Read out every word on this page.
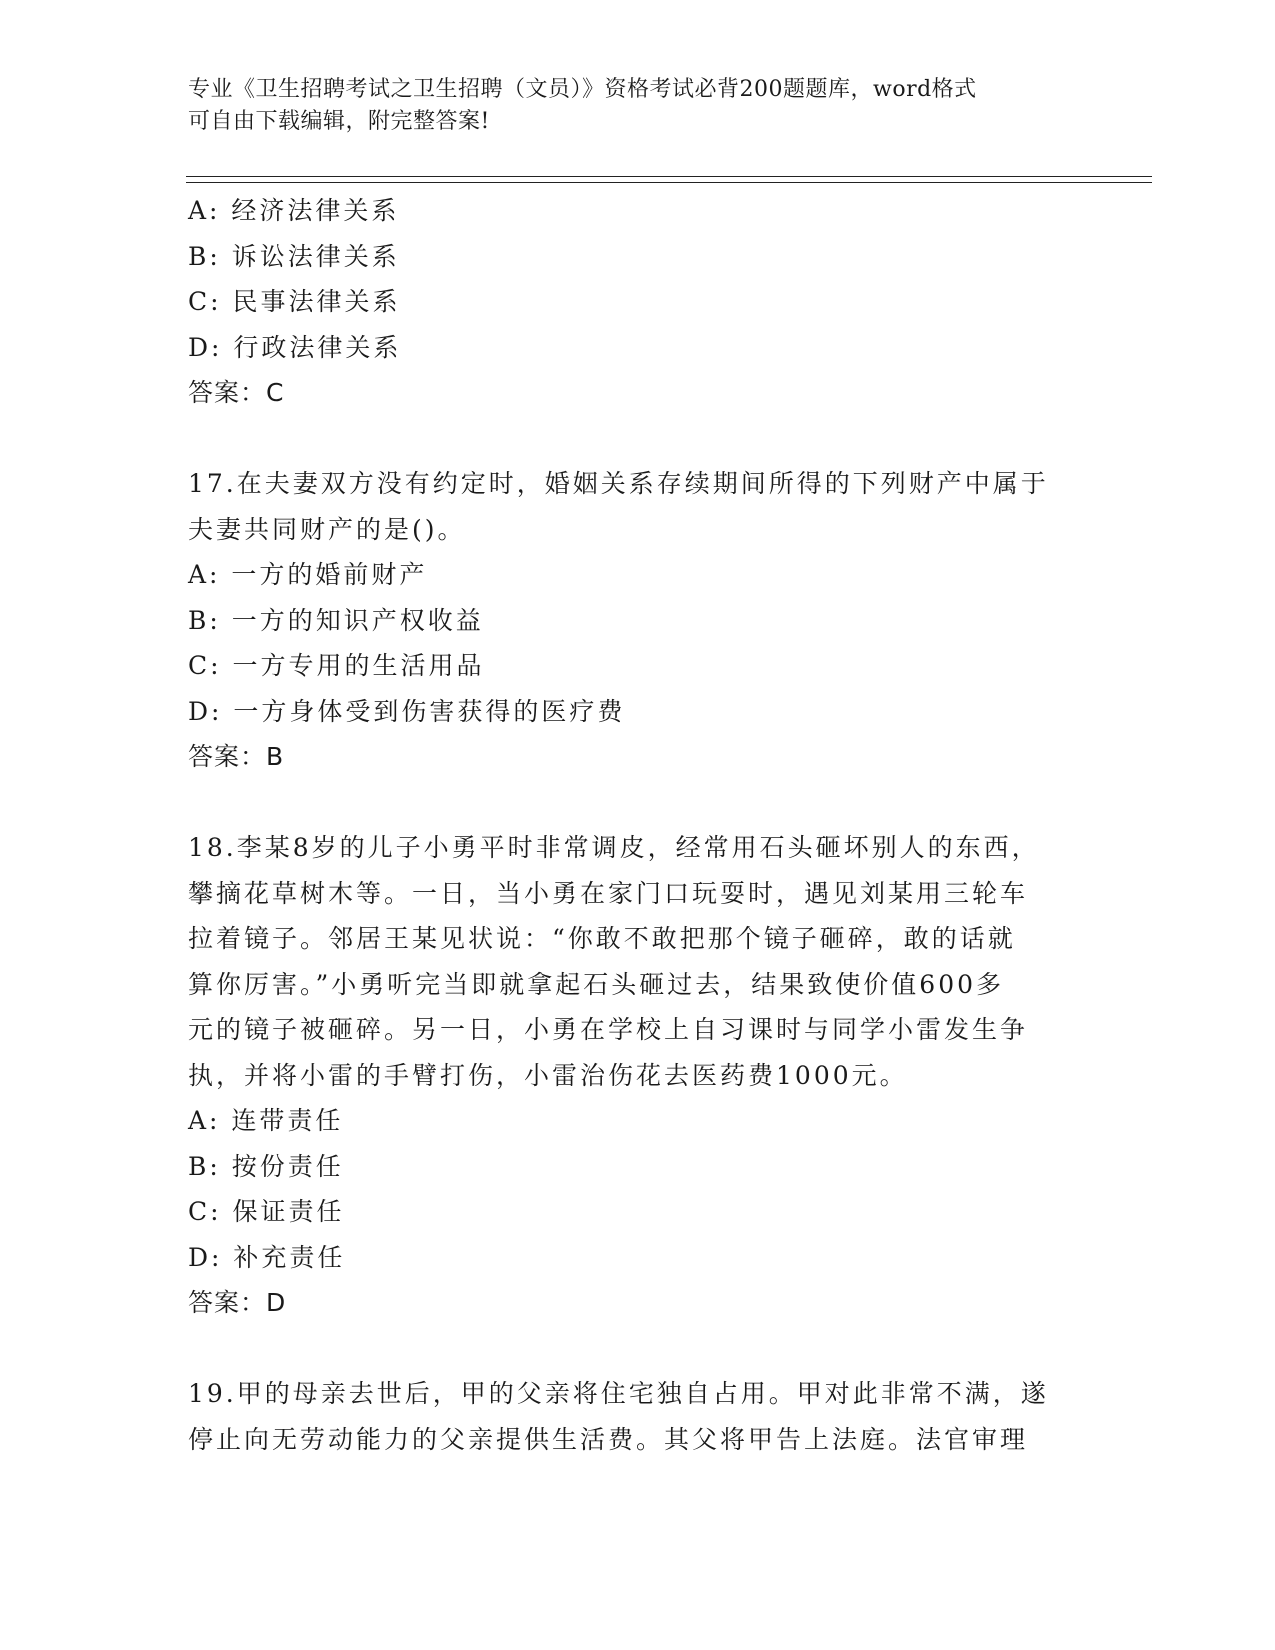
专业《卫生招聘考试之卫生招聘（文员）》资格考试必背200题题库，word格式
可自由下载编辑，附完整答案!
A: 经济法律关系
B: 诉讼法律关系
C: 民事法律关系
D: 行政法律关系
答案：C
17.在夫妻双方没有约定时，婚姻关系存续期间所得的下列财产中属于
夫妻共同财产的是()。
A: 一方的婚前财产
B: 一方的知识产权收益
C: 一方专用的生活用品
D: 一方身体受到伤害获得的医疗费
答案：B
18.李某8岁的儿子小勇平时非常调皮，经常用石头砸坏别人的东西，
攀摘花草树木等。一日，当小勇在家门口玩耍时，遇见刘某用三轮车
拉着镜子。邻居王某见状说：“你敢不敢把那个镜子砸碎，敢的话就
算你厉害。”小勇听完当即就拿起石头砸过去，结果致使价值600多
元的镜子被砸碎。另一日，小勇在学校上自习课时与同学小雷发生争
执，并将小雷的手臂打伤，小雷治伤花去医药费1000元。
A: 连带责任
B: 按份责任
C: 保证责任
D: 补充责任
答案：D
19.甲的母亲去世后，甲的父亲将住宅独自占用。甲对此非常不满，遂
停止向无劳动能力的父亲提供生活费。其父将甲告上法庭。法官审理
